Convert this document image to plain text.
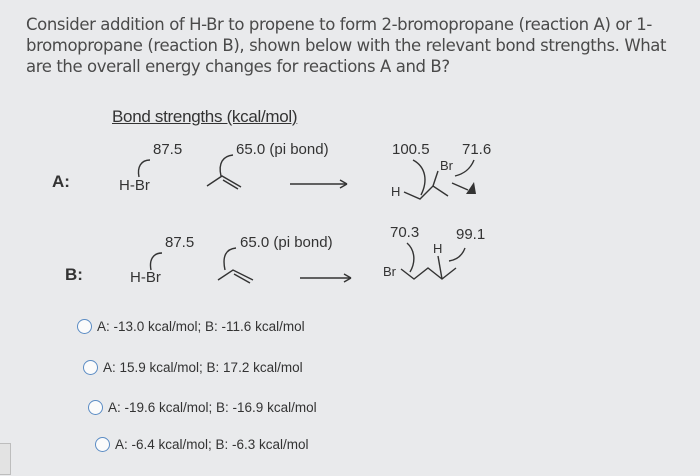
Consider addition of H-Br to propene to form 2-bromopropane (reaction A) or 1-bromopropane (reaction B), shown below with the relevant bond strengths. What are the overall energy changes for reactions A and B?
Bond strengths (kcal/mol)
A:
87.5
H-Br
65.0 (pi bond)	100.5 71.6
Br
H
B:
87.5
H-Br
65.0 (pi bond)
70.3 99.1
H
Br
A: -13.0 kcal/mol; B: -11.6 kcal/mol
A: 15.9 kcal/mol; B: 17.2 kcal/mol
A: -19.6 kcal/mol; B: -16.9 kcal/mol
A: -6.4 kcal/mol; B: -6.3 kcal/mol
